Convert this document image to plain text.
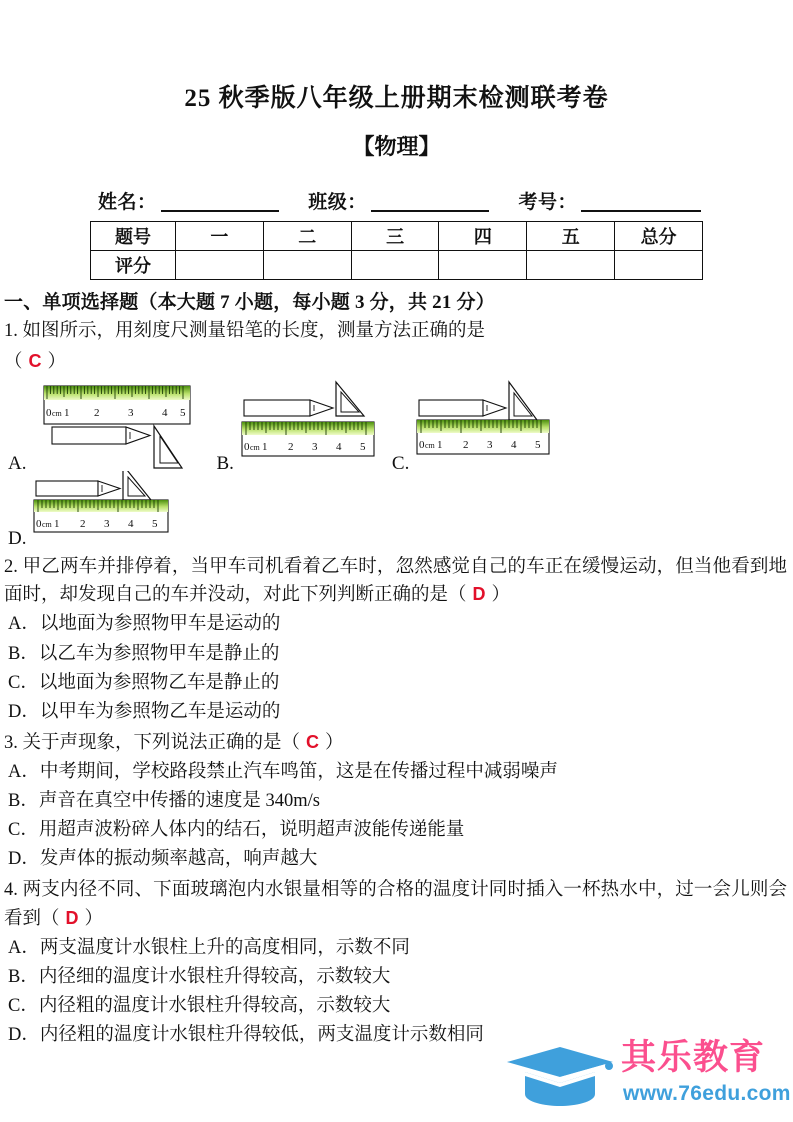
25 秋季版八年级上册期末检测联考卷
【物理】
姓名：	班级：	考号：
题号	一	二	三	四	五	总分
评分						
一、单项选择题（本大题 7 小题，每小题 3 分，共 21 分）

1. 如图所示，用刻度尺测量铅笔的长度，测量方法正确的是

（ C ）

A.
0 cm 1 2	3	4 5
B.
0 cm 1 2 3 4 5
C.
0 cm 1 2 3 4 5
D.
0 cm 1 2 3 4 5

2. 甲乙两车并排停着，当甲车司机看着乙车时，忽然感觉自己的车正在缓慢运动，但当他看到地面时，却发现自己的车并没动，对此下列判断正确的是（ D ）

A．以地面为参照物甲车是运动的

B．以乙车为参照物甲车是静止的

C．以地面为参照物乙车是静止的

D．以甲车为参照物乙车是运动的

3. 关于声现象，下列说法正确的是（ C ）

A．中考期间，学校路段禁止汽车鸣笛，这是在传播过程中减弱噪声

B．声音在真空中传播的速度是 340m/s

C．用超声波粉碎人体内的结石，说明超声波能传递能量

D．发声体的振动频率越高，响声越大

4. 两支内径不同、下面玻璃泡内水银量相等的合格的温度计同时插入一杯热水中，过一会儿则会看到（ D ）

A．两支温度计水银柱上升的高度相同，示数不同

B．内径细的温度计水银柱升得较高，示数较大

C．内径粗的温度计水银柱升得较高，示数较大

D．内径粗的温度计水银柱升得较低，两支温度计示数相同

其乐教育
www.76edu.com
